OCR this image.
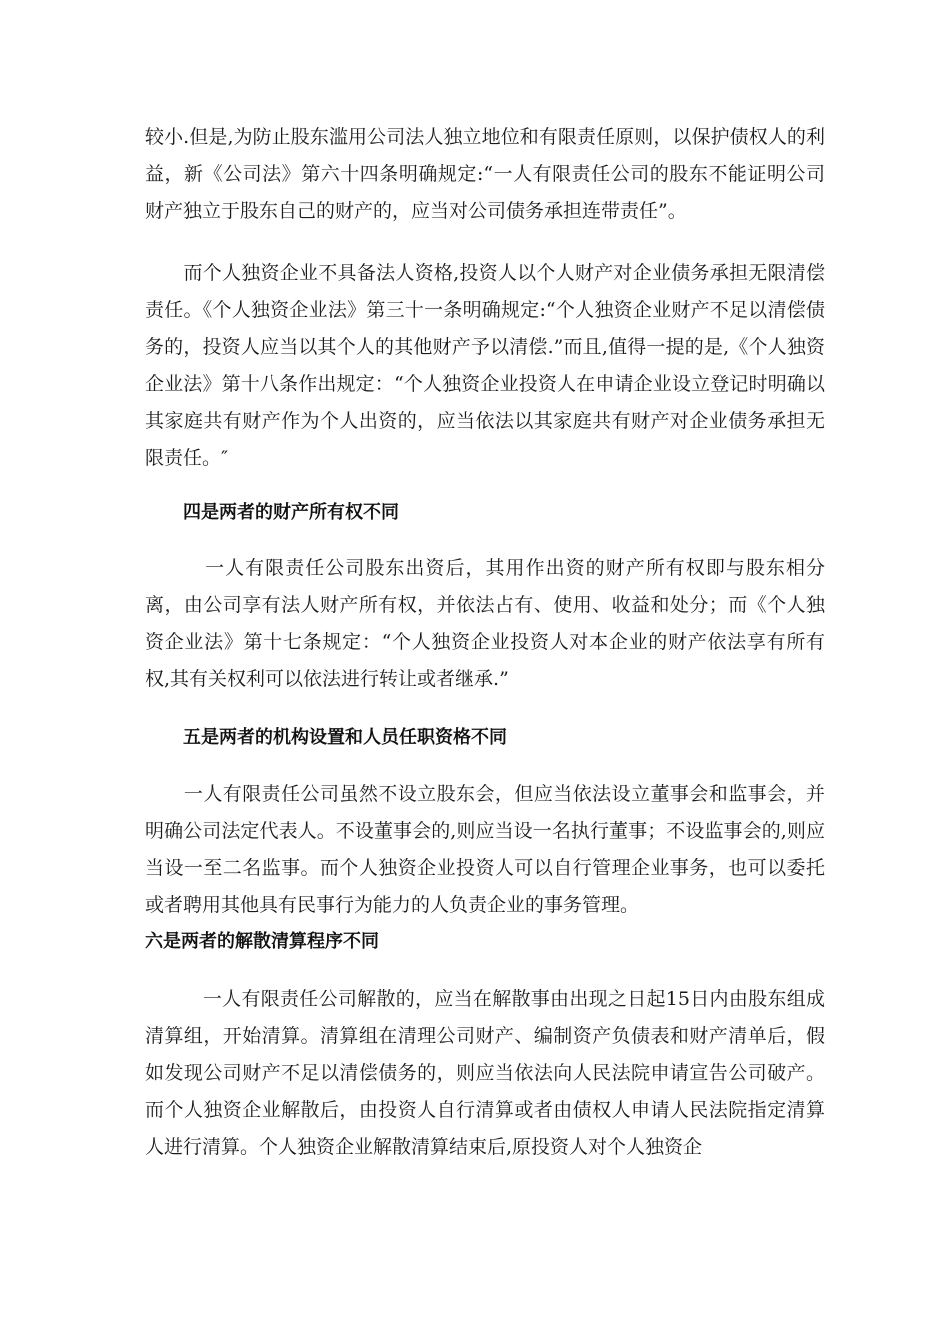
较小.但是,为防止股东滥用公司法人独立地位和有限责任原则，以保护债权人的利益，新《公司法》第六十四条明确规定:“一人有限责任公司的股东不能证明公司财产独立于股东自己的财产的，应当对公司债务承担连带责任”。

　　而个人独资企业不具备法人资格,投资人以个人财产对企业债务承担无限清偿责任。《个人独资企业法》第三十一条明确规定:“个人独资企业财产不足以清偿债务的，投资人应当以其个人的其他财产予以清偿.”而且,值得一提的是,《个人独资企业法》第十八条作出规定：“个人独资企业投资人在申请企业设立登记时明确以其家庭共有财产作为个人出资的，应当依法以其家庭共有财产对企业债务承担无限责任。″

四是两者的财产所有权不同

　　　一人有限责任公司股东出资后，其用作出资的财产所有权即与股东相分离，由公司享有法人财产所有权，并依法占有、使用、收益和处分；而《个人独资企业法》第十七条规定：“个人独资企业投资人对本企业的财产依法享有所有权,其有关权利可以依法进行转让或者继承.”

五是两者的机构设置和人员任职资格不同

　　一人有限责任公司虽然不设立股东会，但应当依法设立董事会和监事会，并明确公司法定代表人。不设董事会的,则应当设一名执行董事；不设监事会的,则应当设一至二名监事。而个人独资企业投资人可以自行管理企业事务，也可以委托或者聘用其他具有民事行为能力的人负责企业的事务管理。

六是两者的解散清算程序不同

　　　一人有限责任公司解散的，应当在解散事由出现之日起15日内由股东组成清算组，开始清算。清算组在清理公司财产、编制资产负债表和财产清单后，假如发现公司财产不足以清偿债务的，则应当依法向人民法院申请宣告公司破产。而个人独资企业解散后，由投资人自行清算或者由债权人申请人民法院指定清算人进行清算。个人独资企业解散清算结束后,原投资人对个人独资企
